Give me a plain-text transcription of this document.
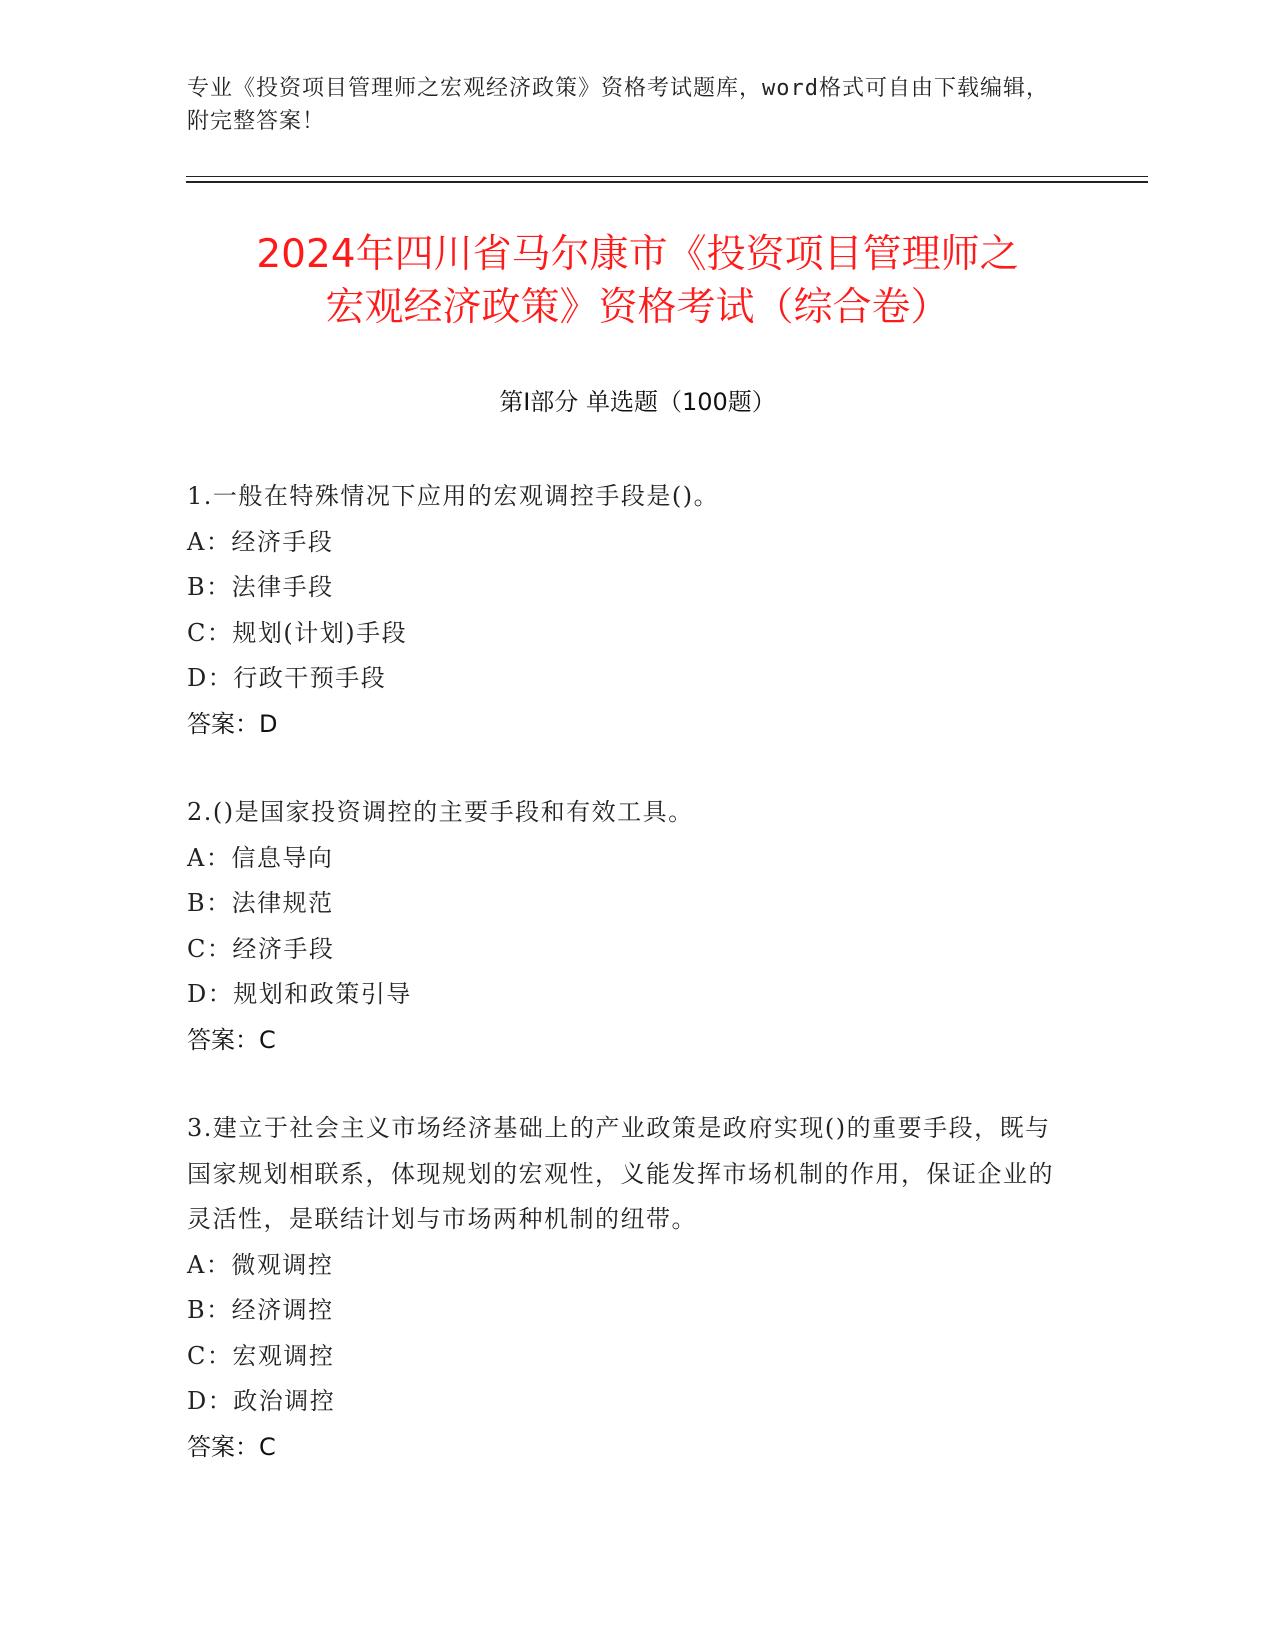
专业《投资项目管理师之宏观经济政策》资格考试题库，word格式可自由下载编辑，附完整答案！
2024年四川省马尔康市《投资项目管理师之
宏观经济政策》资格考试（综合卷）
第Ⅰ部分 单选题（100题）
1.一般在特殊情况下应用的宏观调控手段是()。
A：经济手段
B：法律手段
C：规划(计划)手段
D：行政干预手段
答案：D
2.()是国家投资调控的主要手段和有效工具。
A：信息导向
B：法律规范
C：经济手段
D：规划和政策引导
答案：C
3.建立于社会主义市场经济基础上的产业政策是政府实现()的重要手段，既与国家规划相联系，体现规划的宏观性，义能发挥市场机制的作用，保证企业的灵活性，是联结计划与市场两种机制的纽带。
A：微观调控
B：经济调控
C：宏观调控
D：政治调控
答案：C
